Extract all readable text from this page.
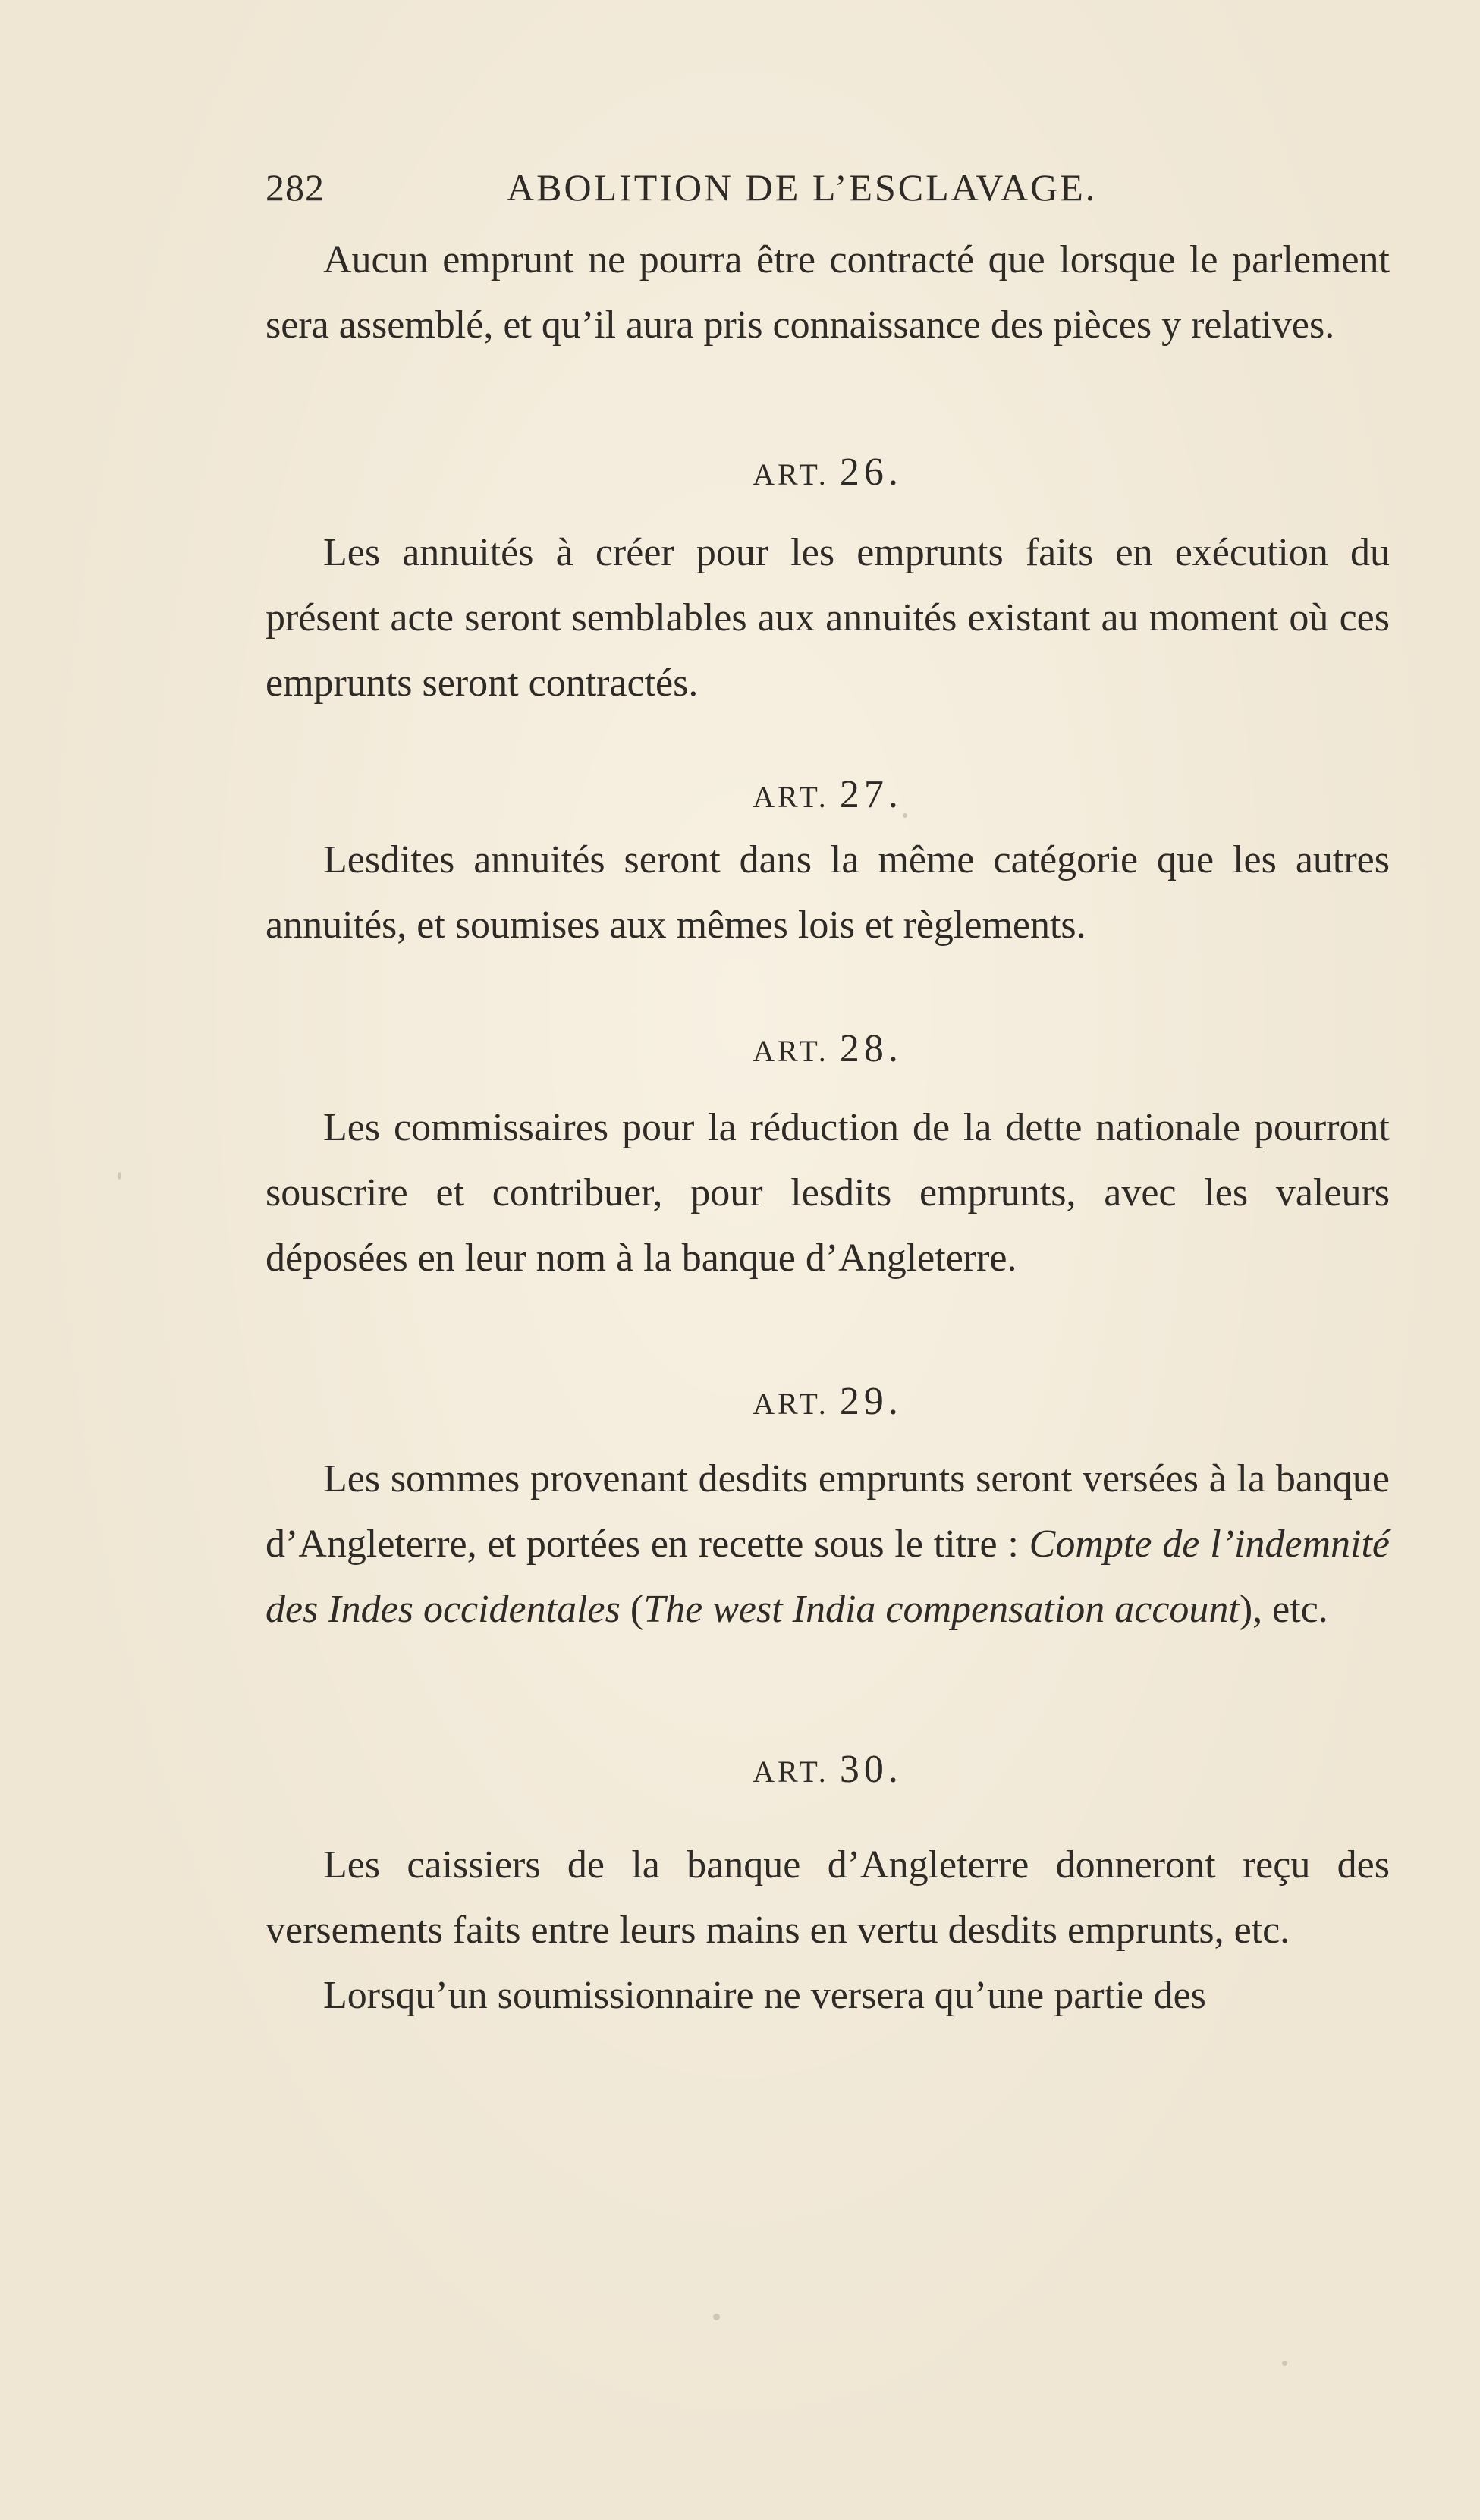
282	ABOLITION DE L’ESCLAVAGE.

Aucun emprunt ne pourra être contracté que lorsque le parlement sera assemblé, et qu’il aura pris connaissance des pièces y relatives.

ART. 26.

Les annuités à créer pour les emprunts faits en exécution du présent acte seront semblables aux annuités existant au moment où ces emprunts seront contractés.

ART. 27.

Lesdites annuités seront dans la même catégorie que les autres annuités, et soumises aux mêmes lois et règlements.

ART. 28.

Les commissaires pour la réduction de la dette nationale pourront souscrire et contribuer, pour lesdits emprunts, avec les valeurs déposées en leur nom à la banque d’Angleterre.

ART. 29.

Les sommes provenant desdits emprunts seront versées à la banque d’Angleterre, et portées en recette sous le titre : Compte de l’indemnité des Indes occidentales (The west India compensation account), etc.

ART. 30.

Les caissiers de la banque d’Angleterre donneront reçu des versements faits entre leurs mains en vertu desdits emprunts, etc.

Lorsqu’un soumissionnaire ne versera qu’une partie des
